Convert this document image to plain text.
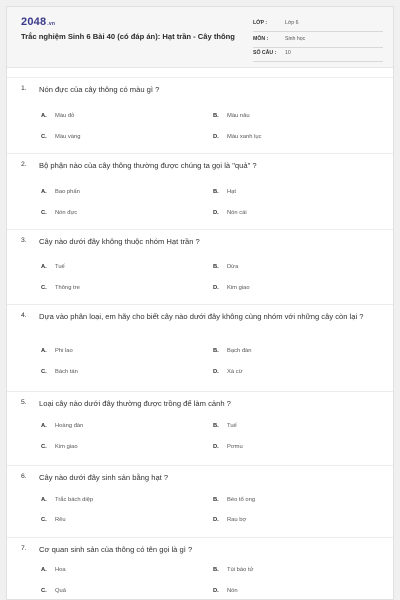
2048.vn
Trắc nghiệm Sinh 6 Bài 40 (có đáp án): Hạt trần - Cây thông
LỚP :	Lớp 6
MÔN :	Sinh học
SỐ CÂU : 10
1. Nón đực của cây thông có màu gì ?
A. Màu đỏ	B. Màu nâu
C. Màu vàng	D. Màu xanh lục
2. Bộ phận nào của cây thông thường được chúng ta gọi là "quả" ?
A. Bao phấn	B. Hạt
C. Nón đực	D. Nón cái
3. Cây nào dưới đây không thuộc nhóm Hạt trần ?
A. Tuế	B. Dừa
C. Thông tre	D. Kim giao
4. Dựa vào phân loại, em hãy cho biết cây nào dưới đây không cùng nhóm với những cây còn lại ?
A. Phi lao	B. Bạch đàn
C. Bách tán	D. Xà cừ
5. Loại cây nào dưới đây thường được trồng để làm cảnh ?
A. Hoàng đàn	B. Tuế
C. Kim giao	D. Pơmu
6. Cây nào dưới đây sinh sản bằng hạt ?
A. Trắc bách diệp	B. Bèo tổ ong
C. Rêu	D. Rau bợ
7. Cơ quan sinh sản của thông có tên gọi là gì ?
A. Hoa	B. Túi bào tử
C. Quả	D. Nón
